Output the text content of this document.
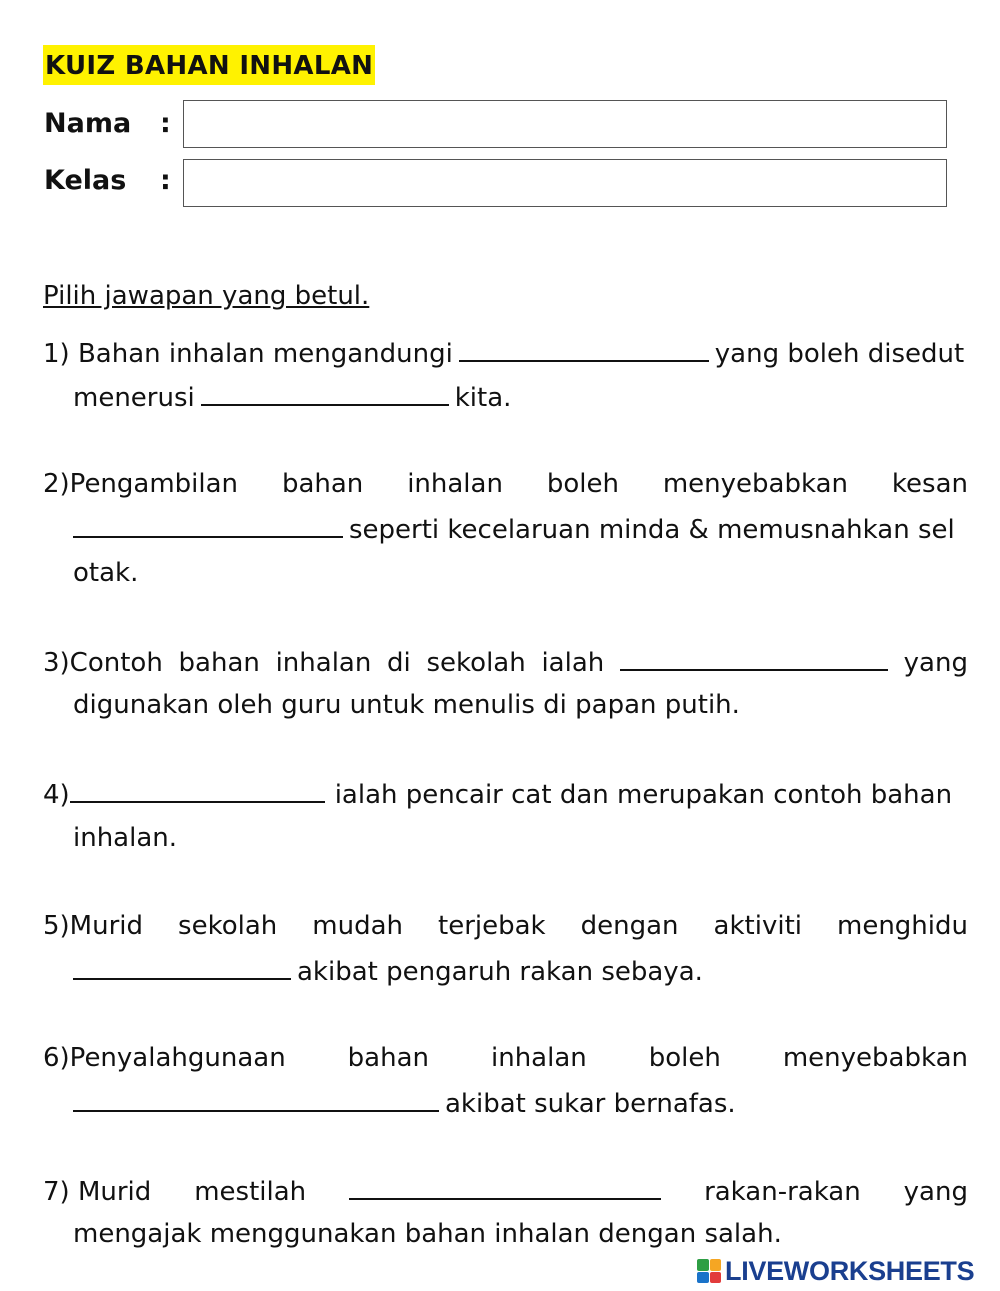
KUIZ BAHAN INHALAN
Nama :
Kelas :
Pilih jawapan yang betul.
1) Bahan inhalan mengandungi	yang boleh disedut
menerusi	kita.
2)Pengambilan bahan inhalan boleh menyebabkan kesan
seperti kecelaruan minda & memusnahkan sel
otak.
3)Contoh bahan inhalan di sekolah ialah	yang
digunakan oleh guru untuk menulis di papan putih.
4)	ialah pencair cat dan merupakan contoh bahan
inhalan.
5)Murid sekolah mudah terjebak dengan aktiviti menghidu
akibat pengaruh rakan sebaya.
6)Penyalahgunaan bahan inhalan boleh menyebabkan
akibat sukar bernafas.
7) Murid mestilah	rakan-rakan yang
mengajak menggunakan bahan inhalan dengan salah.
LIVEWORKSHEETS
